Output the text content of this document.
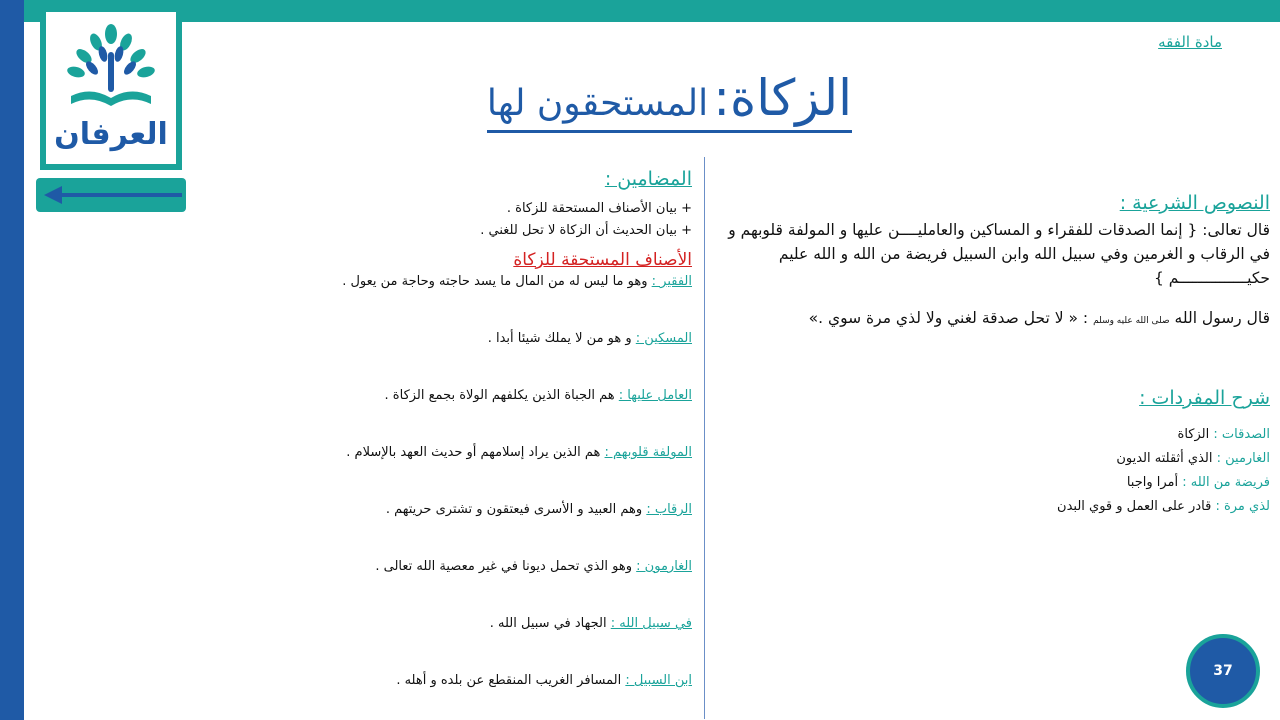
العرفان
مادة الفقه
الزكاة: المستحقون لها
النصوص الشرعية :
قال تعالى: { إنما الصدقات للفقراء و المساكين والعامليــــن عليها و المولفة قلوبهم و في الرقاب و الغرمين وفي سبيل الله وابن السبيل فريضة من الله و الله عليم حكيـــــــــــــــم }
قال رسول الله صلى الله عليه وسلم : « لا تحل صدقة لغني ولا لذي مرة سوي .»
شرح المفردات :
الصدقات : الزكاة
الغارمين : الذي أثقلته الديون
فريضة من الله : أمرا واجبا
لذي مرة : قادر على العمل و قوي البدن
المضامين :
+ بيان الأصناف المستحقة للزكاة .
+ بيان الحديث أن الزكاة لا تحل للغني .
الأصناف المستحقة للزكاة
الفقير : وهو ما ليس له من المال ما يسد حاجته وحاجة من يعول .
المسكين : و هو من لا يملك شيئا أبدا .
العامل عليها : هم الجباة الذين يكلفهم الولاة بجمع الزكاة .
المولفة قلوبهم : هم الذين يراد إسلامهم أو حديث العهد بالإسلام .
الرقاب : وهم العبيد و الأسرى فيعتقون و تشترى حريتهم .
الغارمون : وهو الذي تحمل ديونا في غير معصية الله تعالى .
في سبيل الله : الجهاد في سبيل الله .
ابن السبيل : المسافر الغريب المنقطع عن بلده و أهله .
37
